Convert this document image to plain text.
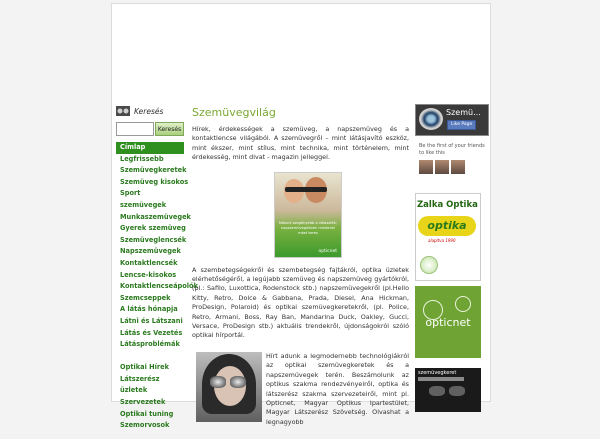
Keresés
Keresés
Címlap
Legfrissebb
Szemüvegkeretek
Szemüveg kisokos
Sport
szemüvegek
Munkaszemüvegek
Gyerek szemüveg
Szemüveglencsék
Napszemüvegek
Kontaktlencsék
Lencse-kisokos
Kontaktlencseápolók
Szemcseppek
A látás hónapja
Látni és Látszani
Látás és Vezetés
Látásproblémák
Optikai Hírek
Látszerész
üzletek
Szervezetek
Optikai tuning
Szemorvosok
Szemüvegvilág

Hírek, érdekességek a szemüveg, a napszemüveg és a kontaktlencse világából. A szemüvegről – mint látásjavító eszköz, mint ékszer, mint stílus, mint technika, mint történelem, mint érdekesség, mint divat - magazin jelleggel.

Nálunk szegényebb a választék; napszemüvegekben mindenki mást keres
opticnet

A szembetegségekről és szembetegség fajtákról, optika üzletek elérhetőségéről, a legújabb szemüveg és napszemüveg gyártókról, (pl.: Safilo, Luxottica, Rodenstock stb.) napszemüvegekről (pl.Hello Kitty, Retro, Dolce & Gabbana, Prada, Diesel, Ana Hickman, ProDesign, Polaroid) és optikai szemüvegkeretekről, (pl. Police, Retro, Armani, Boss, Ray Ban, Mandarina Duck, Oakley, Gucci, Versace, ProDesign stb.) aktuális trendekről, újdonságokról szóló optikai hírportál.

Hírt adunk a legmodernebb technológiákról az optikai szemüvegkeretek és a napszemüvegek terén. Beszámolunk az optikus szakma rendezvényeiről, optika és látszerész szakma szervezeteiről, mint pl. Opticnet, Magyar Optikus Ipartestület, Magyar Látszerész Szövetség. Olvashat a legnagyobb

Szemü...
Like Page
Be the first of your friends to like this
Zalka Optika
optika
alapítva 1990
opticnet
szemüvegkeret
